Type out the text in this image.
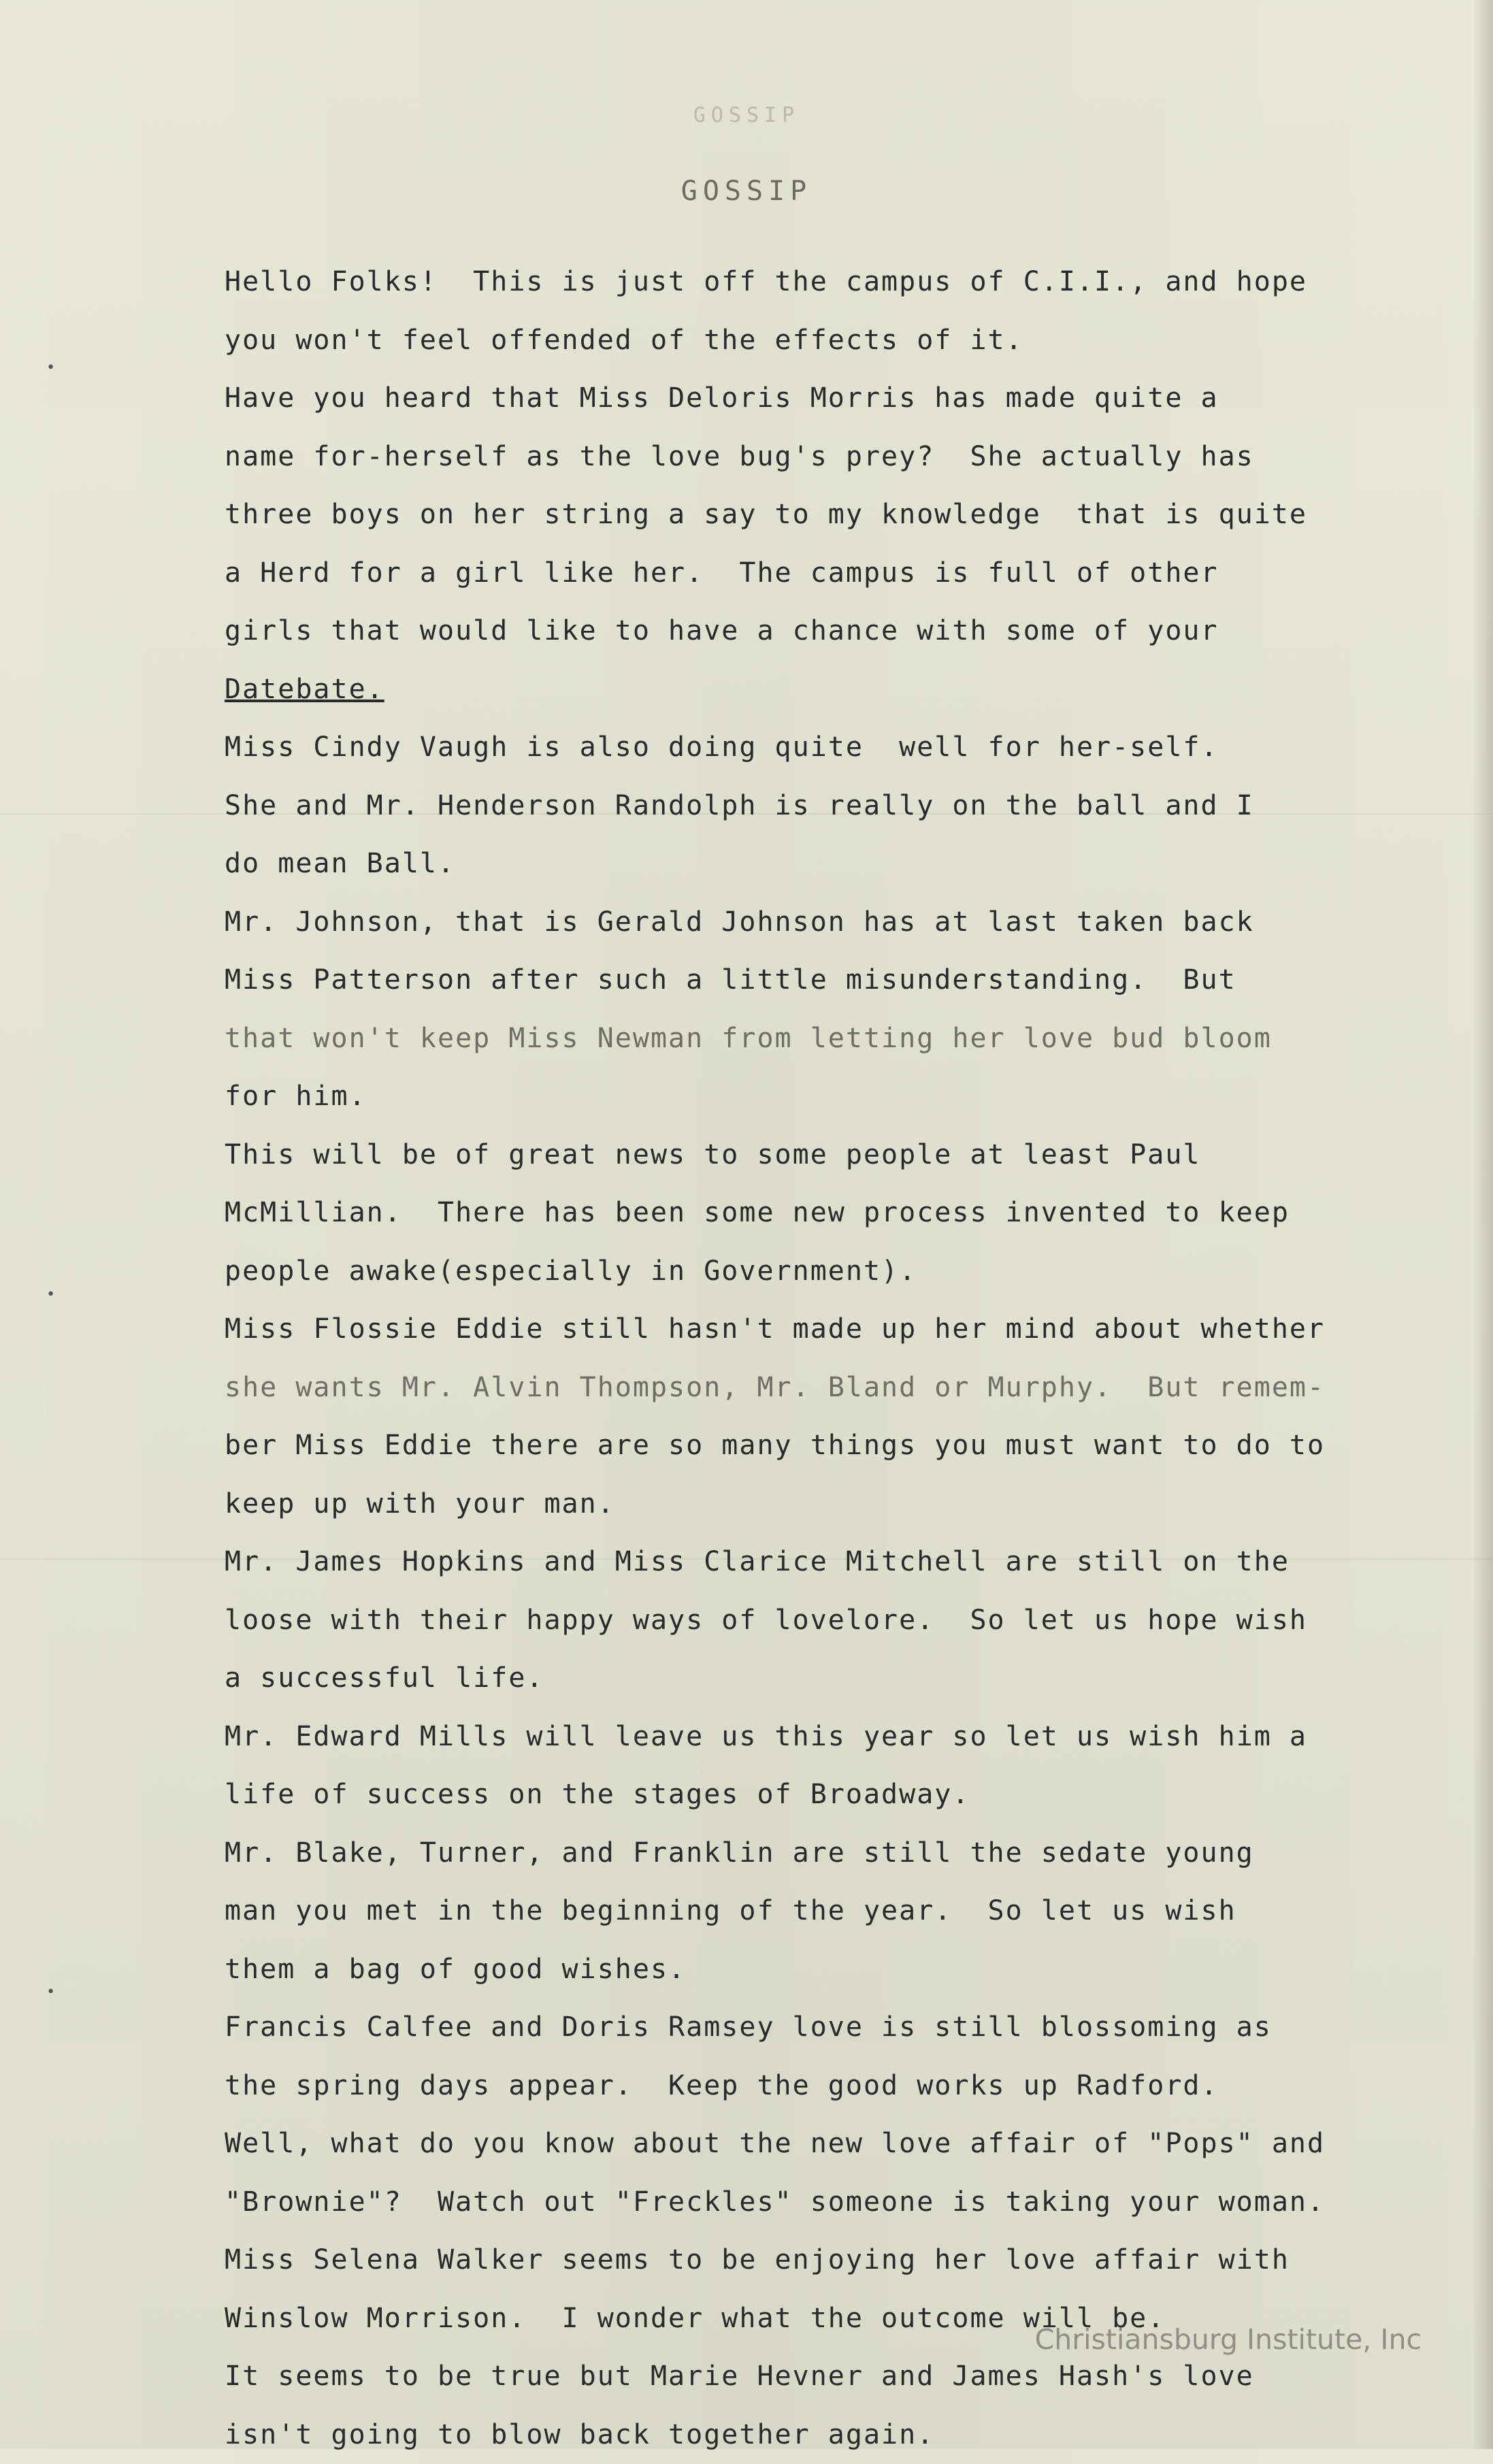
GOSSIP
GOSSIP
•
•
•
Hello Folks!  This is just off the campus of C.I.I., and hope
you won't feel offended of the effects of it.
Have you heard that Miss Deloris Morris has made quite a
name for-herself as the love bug's prey?  She actually has
three boys on her string a say to my knowledge  that is quite
a Herd for a girl like her.  The campus is full of other
girls that would like to have a chance with some of your
Datebate.
Miss Cindy Vaugh is also doing quite  well for her-self.
She and Mr. Henderson Randolph is really on the ball and I
do mean Ball.
Mr. Johnson, that is Gerald Johnson has at last taken back
Miss Patterson after such a little misunderstanding.  But
that won't keep Miss Newman from letting her love bud bloom
for him.
This will be of great news to some people at least Paul
McMillian.  There has been some new process invented to keep
people awake(especially in Government).
Miss Flossie Eddie still hasn't made up her mind about whether
she wants Mr. Alvin Thompson, Mr. Bland or Murphy.  But remem-
ber Miss Eddie there are so many things you must want to do to
keep up with your man.
Mr. James Hopkins and Miss Clarice Mitchell are still on the
loose with their happy ways of lovelore.  So let us hope wish
a successful life.
Mr. Edward Mills will leave us this year so let us wish him a
life of success on the stages of Broadway.
Mr. Blake, Turner, and Franklin are still the sedate young
man you met in the beginning of the year.  So let us wish
them a bag of good wishes.
Francis Calfee and Doris Ramsey love is still blossoming as
the spring days appear.  Keep the good works up Radford.
Well, what do you know about the new love affair of "Pops" and
"Brownie"?  Watch out "Freckles" someone is taking your woman.
Miss Selena Walker seems to be enjoying her love affair with
Winslow Morrison.  I wonder what the outcome will be.
It seems to be true but Marie Hevner and James Hash's love
isn't going to blow back together again.
Christiansburg Institute, Inc
